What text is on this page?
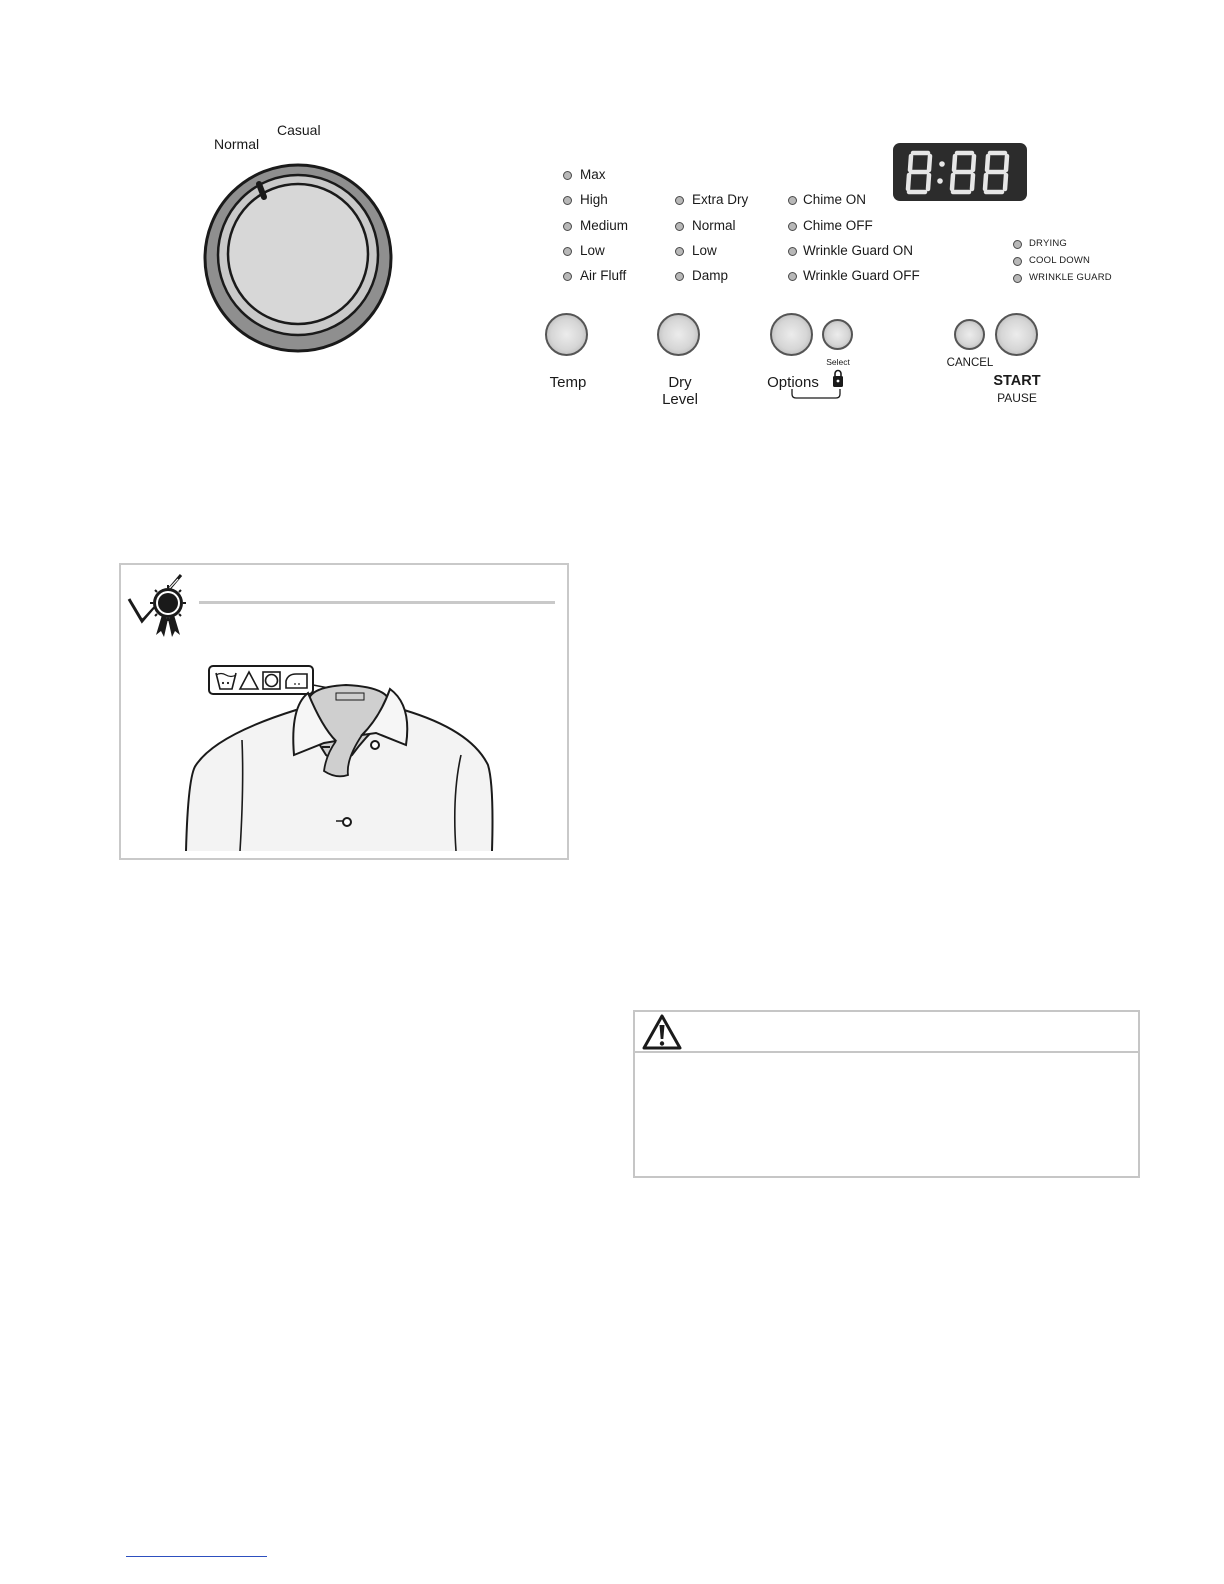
Normal
Casual
Max
High
Medium
Low
Air Fluff
Extra Dry
Normal
Low
Damp
Chime ON
Chime OFF
Wrinkle Guard ON
Wrinkle Guard OFF
DRYING
COOL DOWN
WRINKLE GUARD
Temp	Dry
Level
Options
Select	CANCEL
START
PAUSE
